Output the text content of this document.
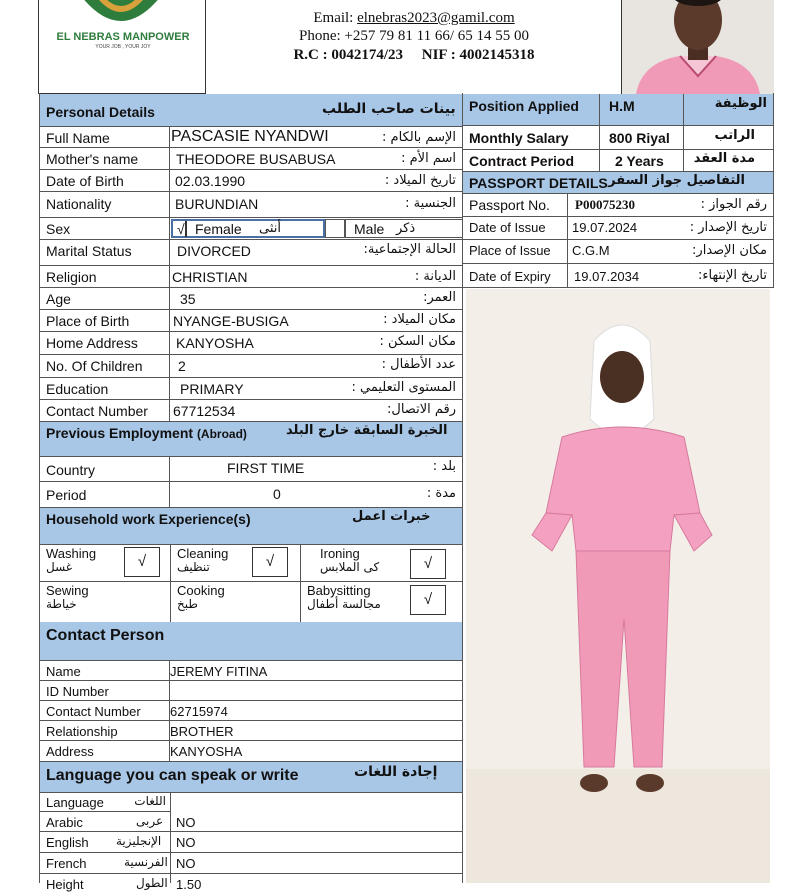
EL NEBRAS MANPOWER
YOUR JOB , YOUR JOY
Email: elnebras2023@gamil.com
Phone: +257 79 81 11 66/ 65 14 55 00
R.C : 0042174/23 NIF : 4002145318
Personal Details	بينات صاحب الطلب
Full Name	PASCASIE NYANDWI	الإسم بالكام :
Mother's name	THEODORE BUSABUSA	اسم الأم :
Date of Birth	02.03.1990	تاريخ الميلاد :
Nationality	BURUNDIAN	الجنسية :
Sex	√ Female أنثى	Male ذكر
Marital Status	DIVORCED	الحالة الإجتماعية:
Religion	CHRISTIAN	الديانة :
Age	35	العمر:
Place of Birth	NYANGE-BUSIGA	مكان الميلاد :
Home Address	KANYOSHA	مكان السكن :
No. Of Children	2	عدد الأطفال :
Education	PRIMARY	المستوى التعليمي :
Contact Number 67712534	رقم الاتصال:
Previous Employment (Abroad)	الخبرة السابقة خارج البلد
Country	FIRST TIME	بلد :
Period	0	مدة :
Household work Experience(s)	خبرات اعمل
Washing
غسل	√	Cleaning
تنظيف	√	Ironing
كى الملابس	√
Sewing
خياطة
Cooking
طبخ
Babysitting
مجالسة أطفال	√
Contact Person
Name	JEREMY FITINA
ID Number
Contact Number 62715974
Relationship	BROTHER
Address	KANYOSHA
Language you can speak or write	إجادة اللغات
Language	اللغات
Arabic	عربى NO
English الإنجليزية NO
French	الفرنسية NO
Height	الطول 1.50
Position Applied H.M	الوظيفة
Monthly Salary	800 Riyal	الراتب
Contract Period	2 Years مدة العقد
PASSPORT DETAILS التفاصيل جواز السفر
Passport No. P00075230	رقم الجواز :
Date of Issue 19.07.2024	تاريخ الإصدار :
Place of Issue C.G.M	مكان الإصدار:
Date of Expiry 19.07.2034	تاريخ الإنتهاء:
